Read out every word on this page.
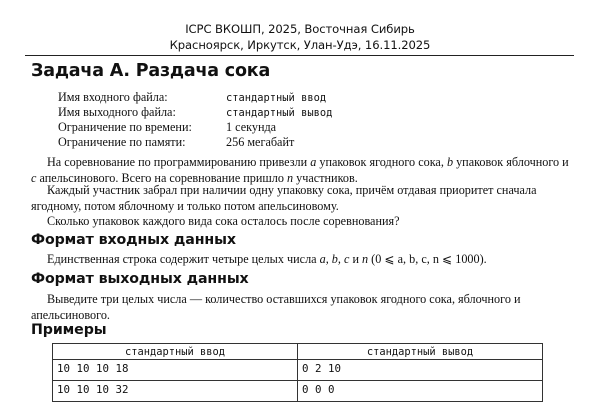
ICPC ВКОШП, 2025, Восточная Сибирь
Красноярск, Иркутск, Улан-Удэ, 16.11.2025
Задача A. Раздача сока
Имя входного файла:	стандартный ввод
Имя выходного файла:	стандартный вывод
Ограничение по времени:	1 секунда
Ограничение по памяти:	256 мегабайт
На соревнование по программированию привезли a упаковок ягодного сока, b упаковок яблочного и c апельсинового. Всего на соревнование пришло n участников.
Каждый участник забрал при наличии одну упаковку сока, причём отдавая приоритет сначала ягодному, потом яблочному и только потом апельсиновому.
Сколько упаковок каждого вида сока осталось после соревнования?
Формат входных данных
Единственная строка содержит четыре целых числа a, b, c и n (0 ⩽ a, b, c, n ⩽ 1000).
Формат выходных данных
Выведите три целых числа — количество оставшихся упаковок ягодного сока, яблочного и апельсинового.
Примеры
стандартный ввод	стандартный вывод
10 10 10 18	0 2 10
10 10 10 32	0 0 0
